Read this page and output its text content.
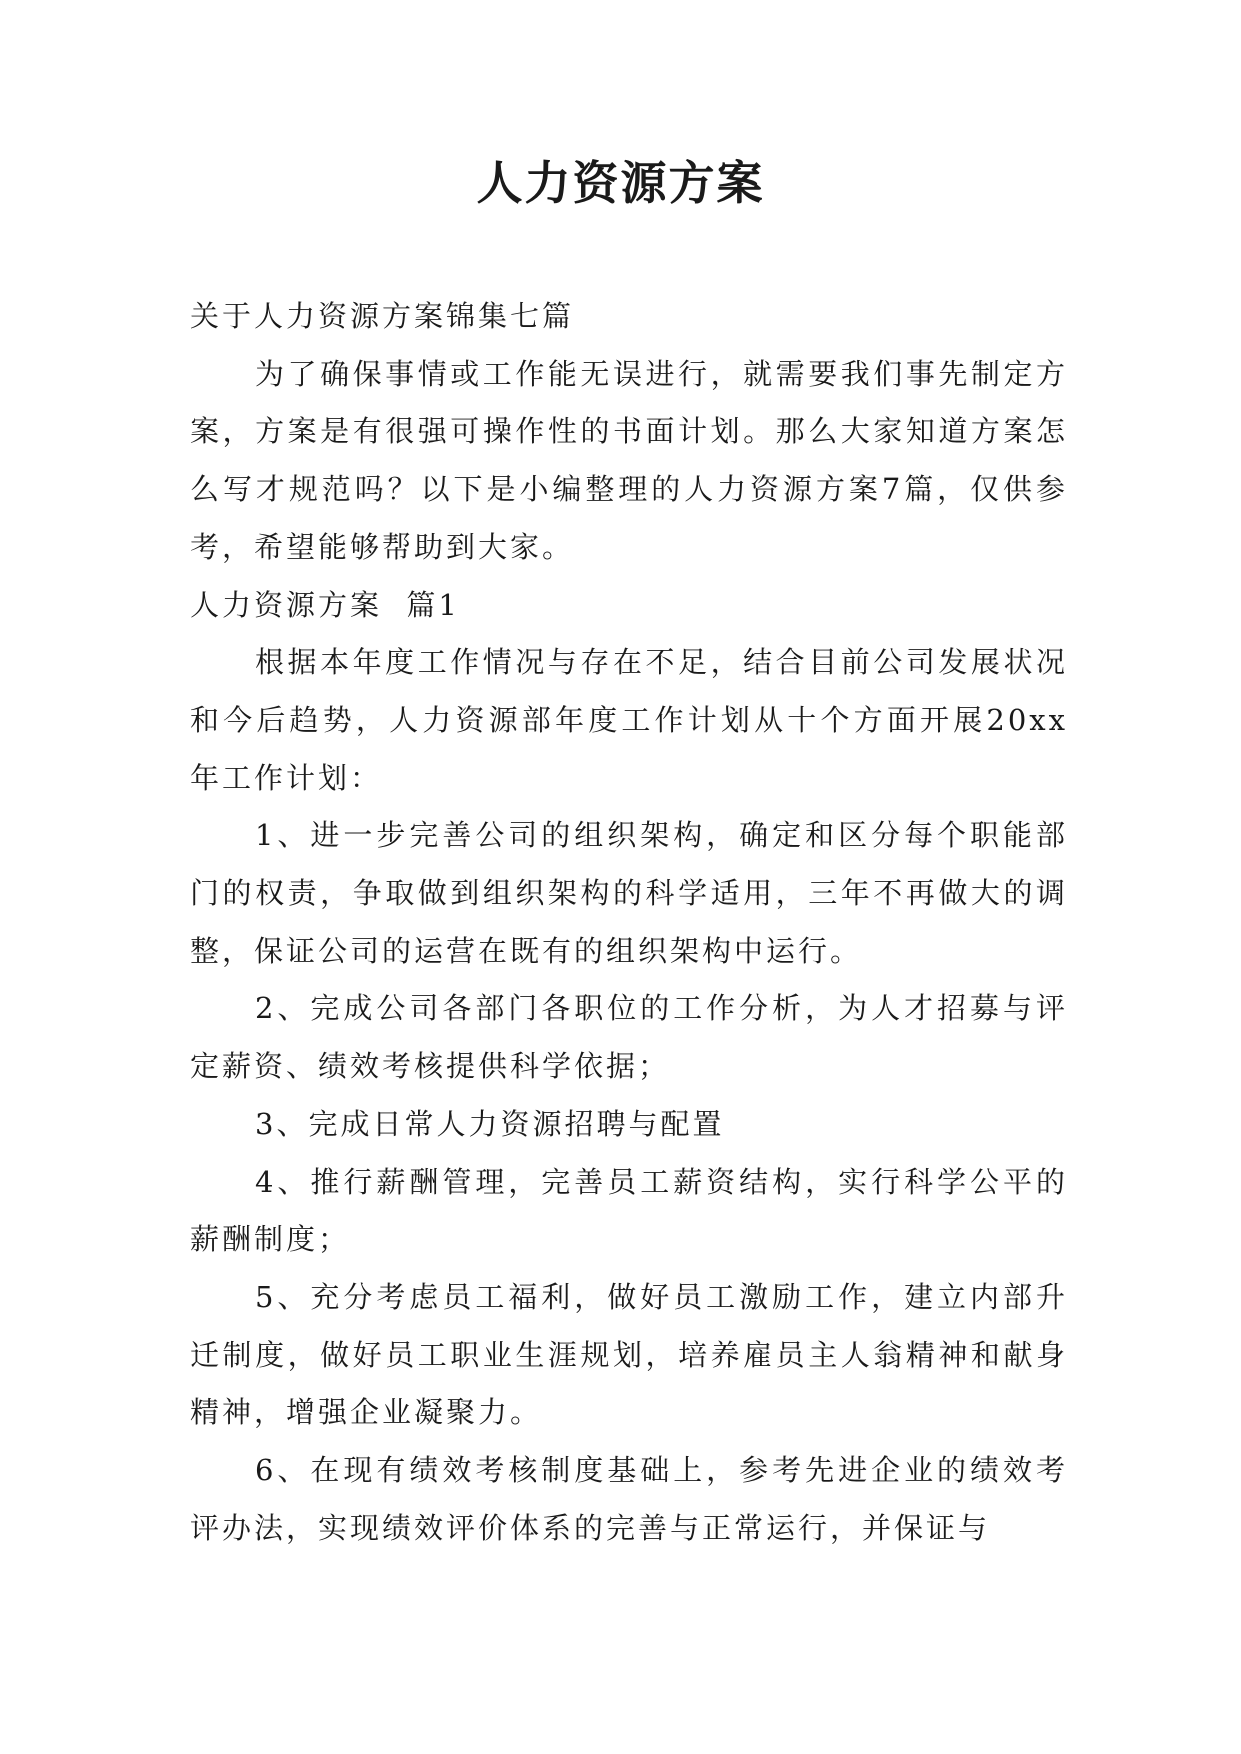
人力资源方案

关于人力资源方案锦集七篇

为了确保事情或工作能无误进行，就需要我们事先制定方案，方案是有很强可操作性的书面计划。那么大家知道方案怎么写才规范吗？以下是小编整理的人力资源方案7篇，仅供参考，希望能够帮助到大家。

人力资源方案  篇1

根据本年度工作情况与存在不足，结合目前公司发展状况和今后趋势，人力资源部年度工作计划从十个方面开展20xx年工作计划：

1、进一步完善公司的组织架构，确定和区分每个职能部门的权责，争取做到组织架构的科学适用，三年不再做大的调整，保证公司的运营在既有的组织架构中运行。

2、完成公司各部门各职位的工作分析，为人才招募与评定薪资、绩效考核提供科学依据；

3、完成日常人力资源招聘与配置

4、推行薪酬管理，完善员工薪资结构，实行科学公平的薪酬制度；

5、充分考虑员工福利，做好员工激励工作，建立内部升迁制度，做好员工职业生涯规划，培养雇员主人翁精神和献身精神，增强企业凝聚力。

6、在现有绩效考核制度基础上，参考先进企业的绩效考评办法，实现绩效评价体系的完善与正常运行，并保证与
